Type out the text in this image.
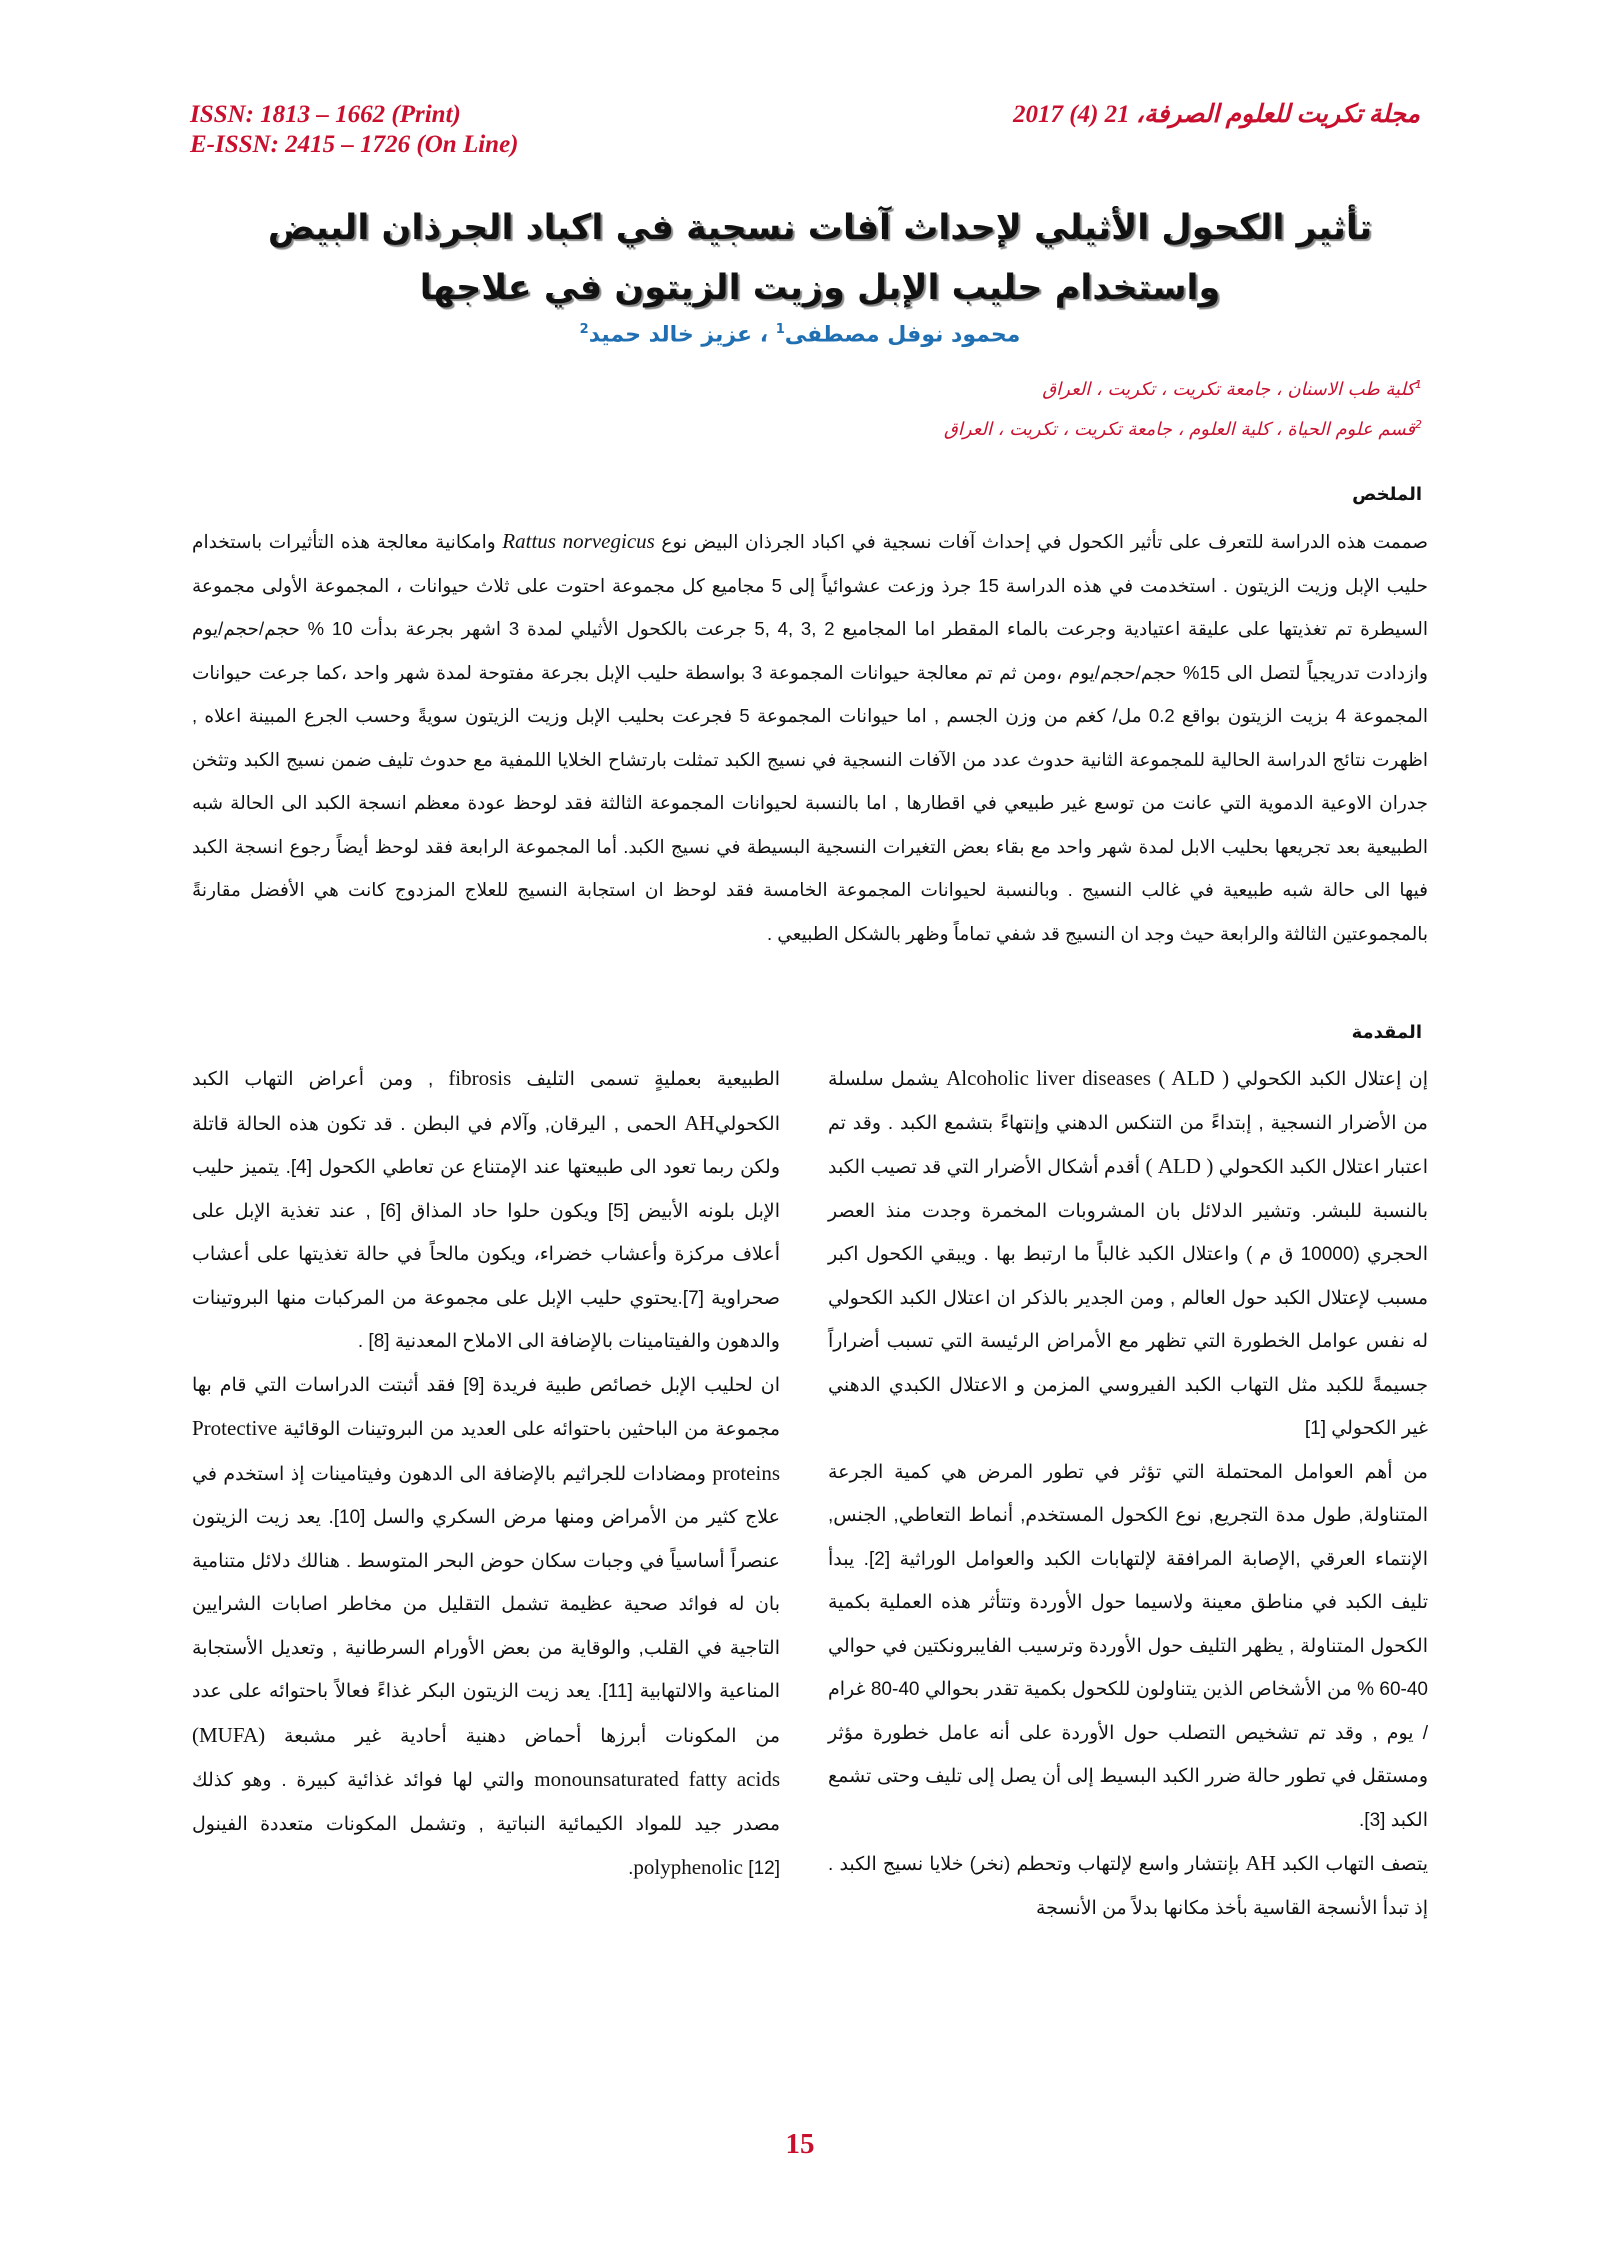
ISSN: 1813 – 1662 (Print)
E-ISSN: 2415 – 1726 (On Line)
مجلة تكريت للعلوم الصرفة، 21 (4) 2017
تأثير الكحول الأثيلي لإحداث آفات نسجية في اكباد الجرذان البيض واستخدام حليب الإبل وزيت الزيتون في علاجها
محمود نوفل مصطفى$^1$ ، عزيز خالد حميد$^2$
$^1$كلية طب الاسنان ، جامعة تكريت ، تكريت ، العراق
$^2$قسم علوم الحياة ، كلية العلوم ، جامعة تكريت ، تكريت ، العراق
الملخص
صممت هذه الدراسة للتعرف على تأثير الكحول في إحداث آفات نسجية في اكباد الجرذان البيض نوع Rattus norvegicus وامكانية معالجة هذه التأثيرات باستخدام حليب الإبل وزيت الزيتون . استخدمت في هذه الدراسة 15 جرذ وزعت عشوائياً إلى 5 مجاميع كل مجموعة احتوت على ثلاث حيوانات ، المجموعة الأولى مجموعة السيطرة تم تغذيتها على عليقة اعتيادية وجرعت بالماء المقطر اما المجاميع 2 ,3 ,4 ,5 جرعت بالكحول الأثيلي لمدة 3 اشهر بجرعة بدأت 10 % حجم/حجم/يوم وازدادت تدريجياً لتصل الى 15% حجم/حجم/يوم ،ومن ثم تم معالجة حيوانات المجموعة 3 بواسطة حليب الإبل بجرعة مفتوحة لمدة شهر واحد ،كما جرعت حيوانات المجموعة 4 بزيت الزيتون بواقع 0.2 مل/ كغم من وزن الجسم , اما حيوانات المجموعة 5 فجرعت بحليب الإبل وزيت الزيتون سويةً وحسب الجرع المبينة اعلاه , اظهرت نتائج الدراسة الحالية للمجموعة الثانية حدوث عدد من الآفات النسجية في نسيج الكبد تمثلت بارتشاح الخلايا اللمفية مع حدوث تليف ضمن نسيج الكبد وتثخن جدران الاوعية الدموية التي عانت من توسع غير طبيعي في اقطارها , اما بالنسبة لحيوانات المجموعة الثالثة فقد لوحظ عودة معظم انسجة الكبد الى الحالة شبه الطبيعية بعد تجريعها بحليب الابل لمدة شهر واحد مع بقاء بعض التغيرات النسجية البسيطة في نسيج الكبد. أما المجموعة الرابعة فقد لوحظ أيضاً رجوع انسجة الكبد فيها الى حالة شبه طبيعية في غالب النسيج . وبالنسبة لحيوانات المجموعة الخامسة فقد لوحظ ان استجابة النسيج للعلاج المزدوج كانت هي الأفضل مقارنةً بالمجموعتين الثالثة والرابعة حيث وجد ان النسيج قد شفي تماماً وظهر بالشكل الطبيعي .
المقدمة

إن إعتلال الكبد الكحولي Alcoholic liver diseases ( ALD ) يشمل سلسلة من الأضرار النسجية , إبتداءً من التنكس الدهني وإنتهاءً بتشمع الكبد . وقد تم اعتبار اعتلال الكبد الكحولي ( ALD ) أقدم أشكال الأضرار التي قد تصيب الكبد بالنسبة للبشر. وتشير الدلائل بان المشروبات المخمرة وجدت منذ العصر الحجري (10000 ق م ) واعتلال الكبد غالباً ما ارتبط بها . ويبقي الكحول اكبر مسبب لإعتلال الكبد حول العالم , ومن الجدير بالذكر ان اعتلال الكبد الكحولي له نفس عوامل الخطورة التي تظهر مع الأمراض الرئيسة التي تسبب أضراراً جسيمةً للكبد مثل التهاب الكبد الفيروسي المزمن و الاعتلال الكبدي الدهني غير الكحولي [1]

من أهم العوامل المحتملة التي تؤثر في تطور المرض هي كمية الجرعة المتناولة, طول مدة التجريع, نوع الكحول المستخدم, أنماط التعاطي, الجنس, الإنتماء العرقي ,الإصابة المرافقة لإلتهابات الكبد والعوامل الوراثية [2]. يبدأ تليف الكبد في مناطق معينة ولاسيما حول الأوردة وتتأثر هذه العملية بكمية الكحول المتناولة , يظهر التليف حول الأوردة وترسيب الفايبرونكتين في حوالي 40-60 % من الأشخاص الذين يتناولون للكحول بكمية تقدر بحوالي 40-80 غرام / يوم , وقد تم تشخيص التصلب حول الأوردة على أنه عامل خطورة مؤثر ومستقل في تطور حالة ضرر الكبد البسيط إلى أن يصل إلى تليف وحتى تشمع الكبد [3].

يتصف التهاب الكبد AH بإنتشار واسع لإلتهاب وتحطم (نخر) خلايا نسيج الكبد . إذ تبدأ الأنسجة القاسية بأخذ مكانها بدلاً من الأنسجة

الطبيعية بعمليةٍ تسمى التليف fibrosis , ومن أعراض التهاب الكبد الكحوليAH الحمى , اليرقان, وآلام في البطن . قد تكون هذه الحالة قاتلة ولكن ربما تعود الى طبيعتها عند الإمتناع عن تعاطي الكحول [4]. يتميز حليب الإبل بلونه الأبيض [5] ويكون حلوا حاد المذاق [6] , عند تغذية الإبل على أعلاف مركزة وأعشاب خضراء، ويكون مالحاً في حالة تغذيتها على أعشاب صحراوية [7].يحتوي حليب الإبل على مجموعة من المركبات منها البروتينات والدهون والفيتامينات بالإضافة الى الاملاح المعدنية [8] .

ان لحليب الإبل خصائص طبية فريدة [9] فقد أثبتت الدراسات التي قام بها مجموعة من الباحثين باحتوائه على العديد من البروتينات الوقائية Protective proteins ومضادات للجراثيم بالإضافة الى الدهون وفيتامينات إذ استخدم في علاج كثير من الأمراض ومنها مرض السكري والسل [10]. يعد زيت الزيتون عنصراً أساسياً في وجبات سكان حوض البحر المتوسط . هنالك دلائل متنامية بان له فوائد صحية عظيمة تشمل التقليل من مخاطر اصابات الشرايين التاجية في القلب, والوقاية من بعض الأورام السرطانية , وتعديل الأستجابة المناعية والالتهابية [11]. يعد زيت الزيتون البكر غذاءً فعالاً باحتوائه على عدد من المكونات أبرزها أحماض دهنية أحادية غير مشبعة (MUFA) monounsaturated fatty acids والتي لها فوائد غذائية كبيرة . وهو كذلك مصدر جيد للمواد الكيمائية النباتية , وتشمل المكونات متعددة الفينول polyphenolic [12].

15
